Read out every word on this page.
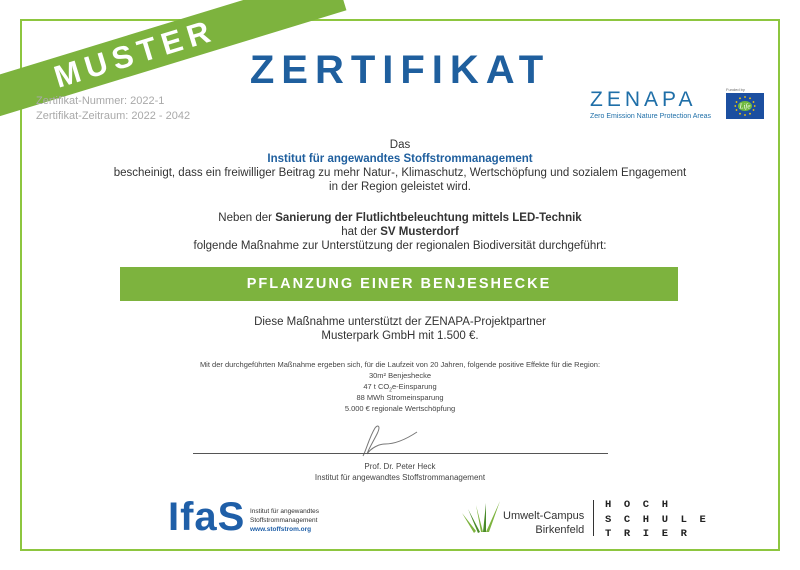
MUSTER ZERTIFIKAT
Zertifikat-Nummer: 2022-1
Zertifikat-Zeitraum: 2022 - 2042
ZENAPA
Zero Emission Nature Protection Areas
Funded by
Life
Das
Institut für angewandtes Stoffstrommanagement
bescheinigt, dass ein freiwilliger Beitrag zu mehr Natur-, Klimaschutz, Wertschöpfung und sozialem Engagement
in der Region geleistet wird.
Neben der Sanierung der Flutlichtbeleuchtung mittels LED-Technik
hat der SV Musterdorf
folgende Maßnahme zur Unterstützung der regionalen Biodiversität durchgeführt:
PFLANZUNG EINER BENJESHECKE
Diese Maßnahme unterstützt der ZENAPA-Projektpartner
Musterpark GmbH mit 1.500 €.
Mit der durchgeführten Maßnahme ergeben sich, für die Laufzeit von 20 Jahren, folgende positive Effekte für die Region:
30m² Benjeshecke
47 t $CO_2e$-Einsparung
88 MWh Stromeinsparung
5.000 € regionale Wertschöpfung
Prof. Dr. Peter Heck
Institut für angewandtes Stoffstrommanagement
IfaS Institut für angewandtes
Stoffstrommanagement
www.stoffstrom.org
Umwelt-Campus
Birkenfeld
H  O  C  H
S  C  H  U  L  E
T  R  I  E  R
